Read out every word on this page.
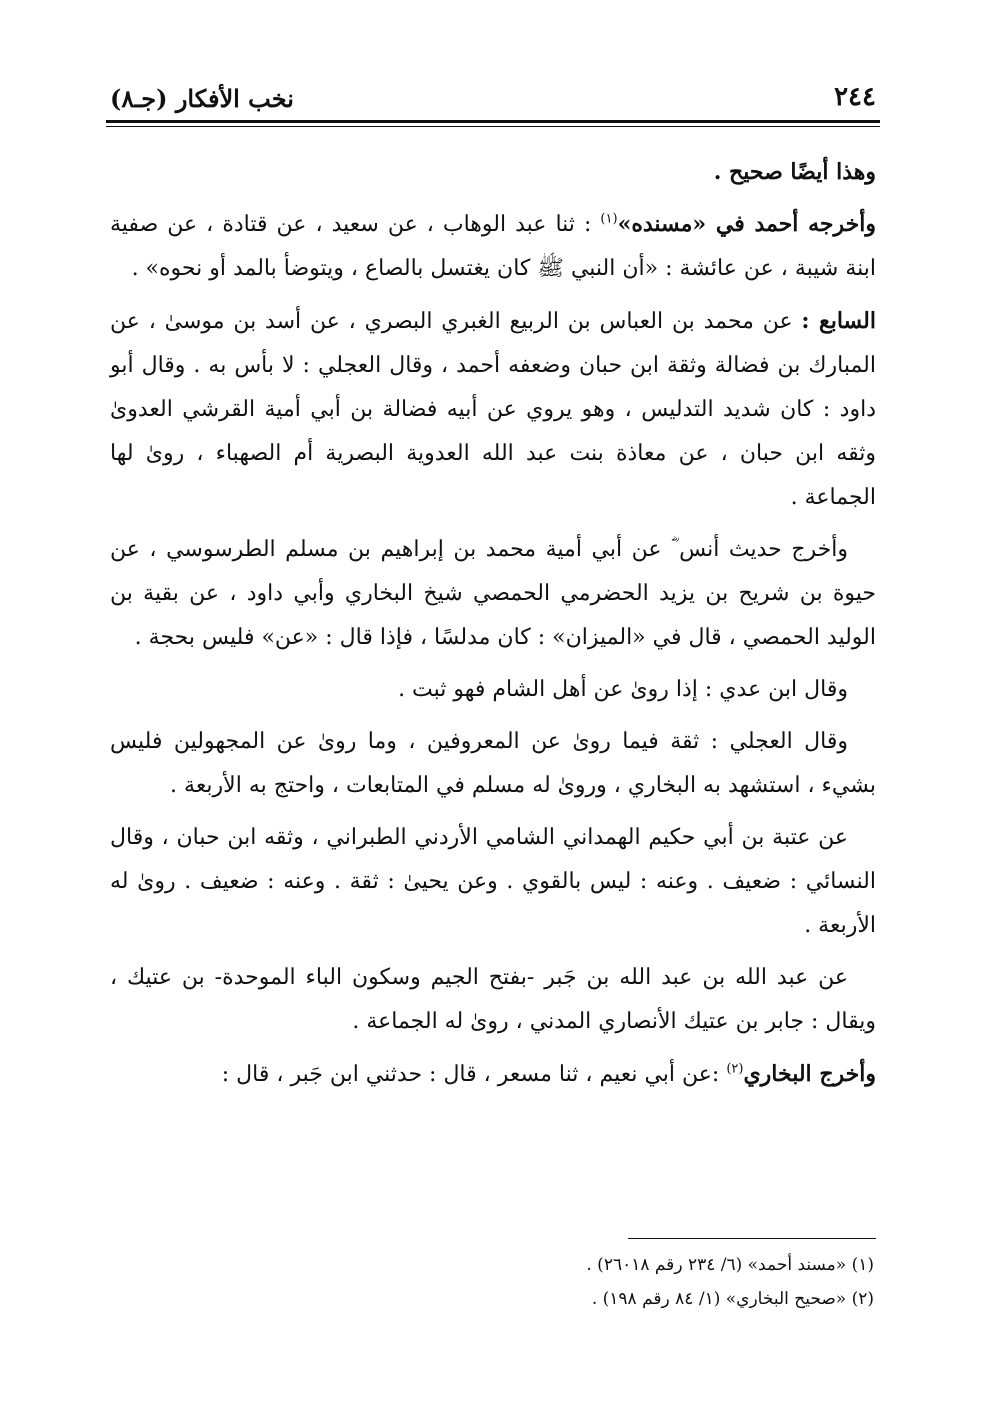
٢٤٤
نخب الأفكار (جـ٨)

وهذا أيضًا صحيح .

وأخرجه أحمد في «مسنده»$^{(١)}$ : ثنا عبد الوهاب ، عن سعيد ، عن قتادة ، عن صفية ابنة شيبة ، عن عائشة : «أن النبي ﷺ كان يغتسل بالصاع ، ويتوضأ بالمد أو نحوه» .

السابع : عن محمد بن العباس بن الربيع الغبري البصري ، عن أسد بن موسىٰ ، عن المبارك بن فضالة وثقة ابن حبان وضعفه أحمد ، وقال العجلي : لا بأس به . وقال أبو داود : كان شديد التدليس ، وهو يروي عن أبيه فضالة بن أبي أمية القرشي العدوىٰ وثقه ابن حبان ، عن معاذة بنت عبد الله العدوية البصرية أم الصهباء ، روىٰ لها الجماعة .

وأخرج حديث أنس ؓ عن أبي أمية محمد بن إبراهيم بن مسلم الطرسوسي ، عن حيوة بن شريح بن يزيد الحضرمي الحمصي شيخ البخاري وأبي داود ، عن بقية بن الوليد الحمصي ، قال في «الميزان» : كان مدلسًا ، فإذا قال : «عن» فليس بحجة .

وقال ابن عدي : إذا روىٰ عن أهل الشام فهو ثبت .

وقال العجلي : ثقة فيما روىٰ عن المعروفين ، وما روىٰ عن المجهولين فليس بشيء ، استشهد به البخاري ، وروىٰ له مسلم في المتابعات ، واحتج به الأربعة .

عن عتبة بن أبي حكيم الهمداني الشامي الأردني الطبراني ، وثقه ابن حبان ، وقال النسائي : ضعيف . وعنه : ليس بالقوي . وعن يحيىٰ : ثقة . وعنه : ضعيف . روىٰ له الأربعة .

عن عبد الله بن عبد الله بن جَبر -بفتح الجيم وسكون الباء الموحدة- بن عتيك ، ويقال : جابر بن عتيك الأنصاري المدني ، روىٰ له الجماعة .

وأخرج البخاري$^{(٢)}$ :عن أبي نعيم ، ثنا مسعر ، قال : حدثني ابن جَبر ، قال :

(١) «مسند أحمد» (٦/ ٢٣٤ رقم ٢٦٠١٨) .
(٢) «صحيح البخاري» (١/ ٨٤ رقم ١٩٨) .
